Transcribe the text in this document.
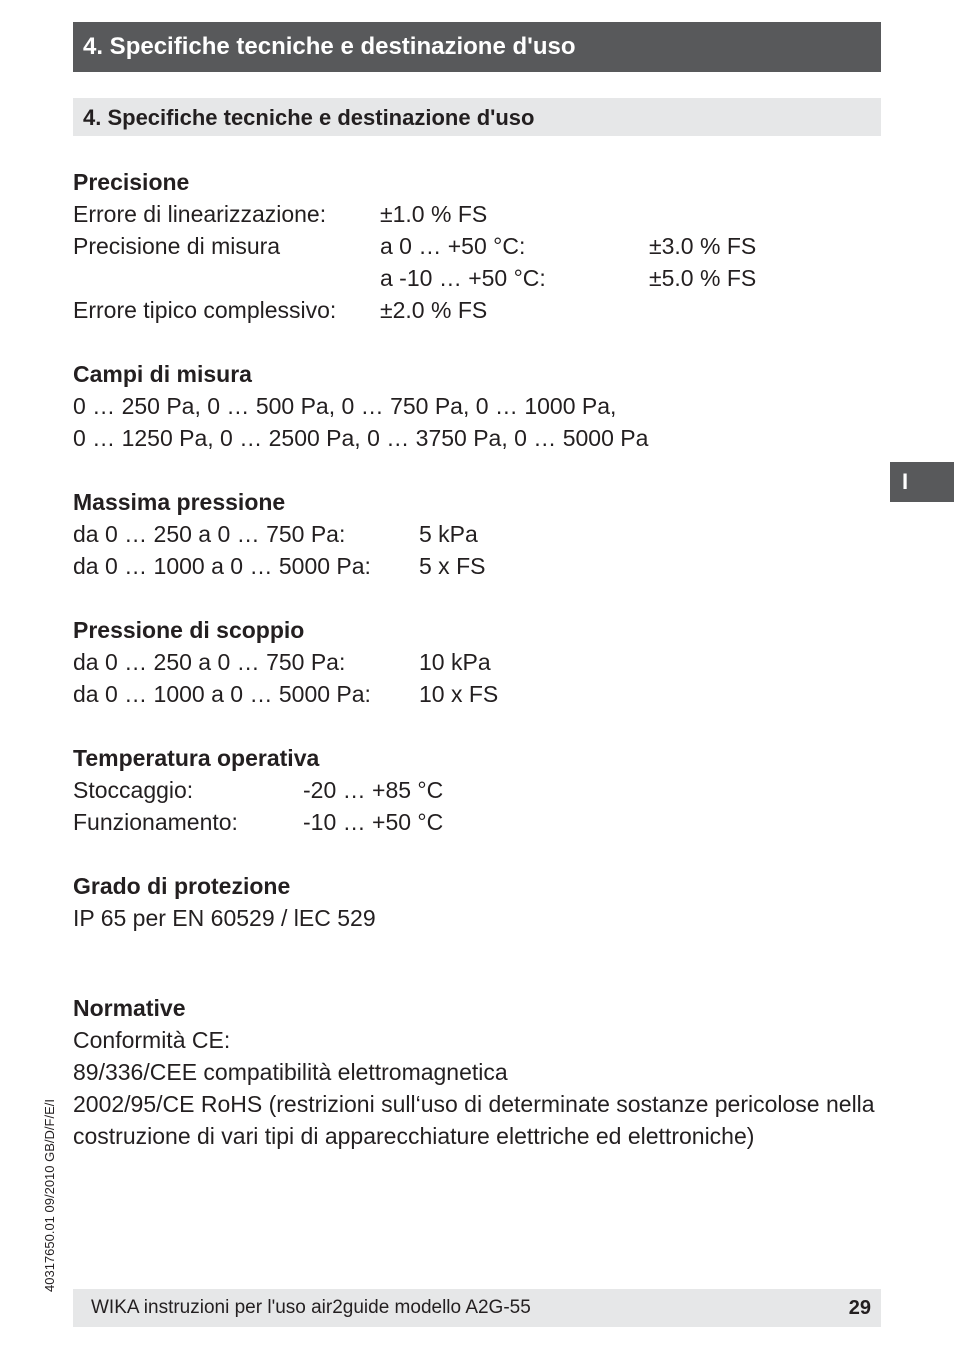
4. Specifiche tecniche e destinazione d'uso
4. Specifiche tecniche e destinazione d'uso
I
Precisione
Errore di linearizzazione: ±1.0 % FS
Precisione di misura	a 0 … +50 °C:	±3.0 % FS
a -10 … +50 °C:	±5.0 % FS
Errore tipico complessivo: ±2.0 % FS
Campi di misura
0 … 250 Pa, 0 … 500 Pa, 0 … 750 Pa, 0 … 1000 Pa,
0 … 1250 Pa, 0 … 2500 Pa, 0 … 3750 Pa, 0 … 5000 Pa
Massima pressione
da 0 … 250 a 0 … 750 Pa:	5 kPa
da 0 … 1000 a 0 … 5000 Pa: 5 x FS
Pressione di scoppio
da 0 … 250 a 0 … 750 Pa:	10 kPa
da 0 … 1000 a 0 … 5000 Pa: 10 x FS
Temperatura operativa
Stoccaggio:	-20 … +85 °C
Funzionamento:	-10 … +50 °C
Grado di protezione
IP 65 per EN 60529 / lEC 529
Normative
Conformità CE:
89/336/CEE compatibilità elettromagnetica
2002/95/CE RoHS (restrizioni sull‘uso di determinate sostanze pericolose nella costruzione di vari tipi di apparecchiature elettriche ed elettroniche)
40317650.01 09/2010 GB/D/F/E/I
WIKA instruzioni per l'uso air2guide modello A2G-55	29
